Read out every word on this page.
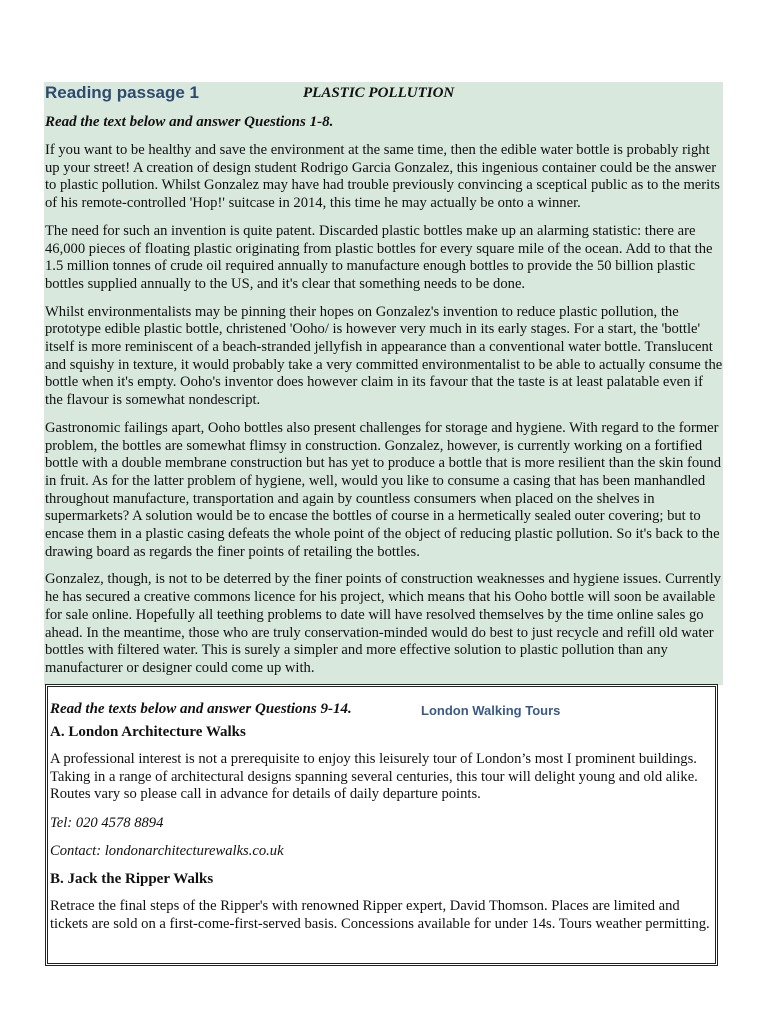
Reading passage 1	PLASTIC POLLUTION
Read the text below and answer Questions 1-8.

If you want to be healthy and save the environment at the same time, then the edible water bottle is probably right up your street! A creation of design student Rodrigo Garcia Gonzalez, this ingenious container could be the answer to plastic pollution. Whilst Gonzalez may have had trouble previously convincing a sceptical public as to the merits of his remote-controlled 'Hop!' suitcase in 2014, this time he may actually be onto a winner.

The need for such an invention is quite patent. Discarded plastic bottles make up an alarming statistic: there are 46,000 pieces of floating plastic originating from plastic bottles for every square mile of the ocean. Add to that the 1.5 million tonnes of crude oil required annually to manufacture enough bottles to provide the 50 billion plastic bottles supplied annually to the US, and it's clear that something needs to be done.

Whilst environmentalists may be pinning their hopes on Gonzalez's invention to reduce plastic pollution, the prototype edible plastic bottle, christened 'Ooho/ is however very much in its early stages. For a start, the 'bottle' itself is more reminiscent of a beach-stranded jellyfish in appearance than a conventional water bottle. Translucent and squishy in texture, it would probably take a very committed environmentalist to be able to actually consume the bottle when it's empty. Ooho's inventor does however claim in its favour that the taste is at least palatable even if the flavour is somewhat nondescript.

Gastronomic failings apart, Ooho bottles also present challenges for storage and hygiene. With regard to the former problem, the bottles are somewhat flimsy in construction. Gonzalez, however, is currently working on a fortified bottle with a double membrane construction but has yet to produce a bottle that is more resilient than the skin found in fruit. As for the latter problem of hygiene, well, would you like to consume a casing that has been manhandled throughout manufacture, transportation and again by countless consumers when placed on the shelves in supermarkets? A solution would be to encase the bottles of course in a hermetically sealed outer covering; but to encase them in a plastic casing defeats the whole point of the object of reducing plastic pollution. So it's back to the drawing board as regards the finer points of retailing the bottles.

Gonzalez, though, is not to be deterred by the finer points of construction weaknesses and hygiene issues. Currently he has secured a creative commons licence for his project, which means that his Ooho bottle will soon be available for sale online. Hopefully all teething problems to date will have resolved themselves by the time online sales go ahead. In the meantime, those who are truly conservation-minded would do best to just recycle and refill old water bottles with filtered water. This is surely a simpler and more effective solution to plastic pollution than any manufacturer or designer could come up with.

Read the texts below and answer Questions 9-14.	London Walking Tours
A. London Architecture Walks
A professional interest is not a prerequisite to enjoy this leisurely tour of London’s most I prominent buildings. Taking in a range of architectural designs spanning several centuries, this tour will delight young and old alike. Routes vary so please call in advance for details of daily departure points.
Tel: 020 4578 8894
Contact: londonarchitecturewalks.co.uk
B. Jack the Ripper Walks
Retrace the final steps of the Ripper's with renowned Ripper expert, David Thomson. Places are limited and tickets are sold on a first-come-first-served basis. Concessions available for under 14s. Tours weather permitting.
